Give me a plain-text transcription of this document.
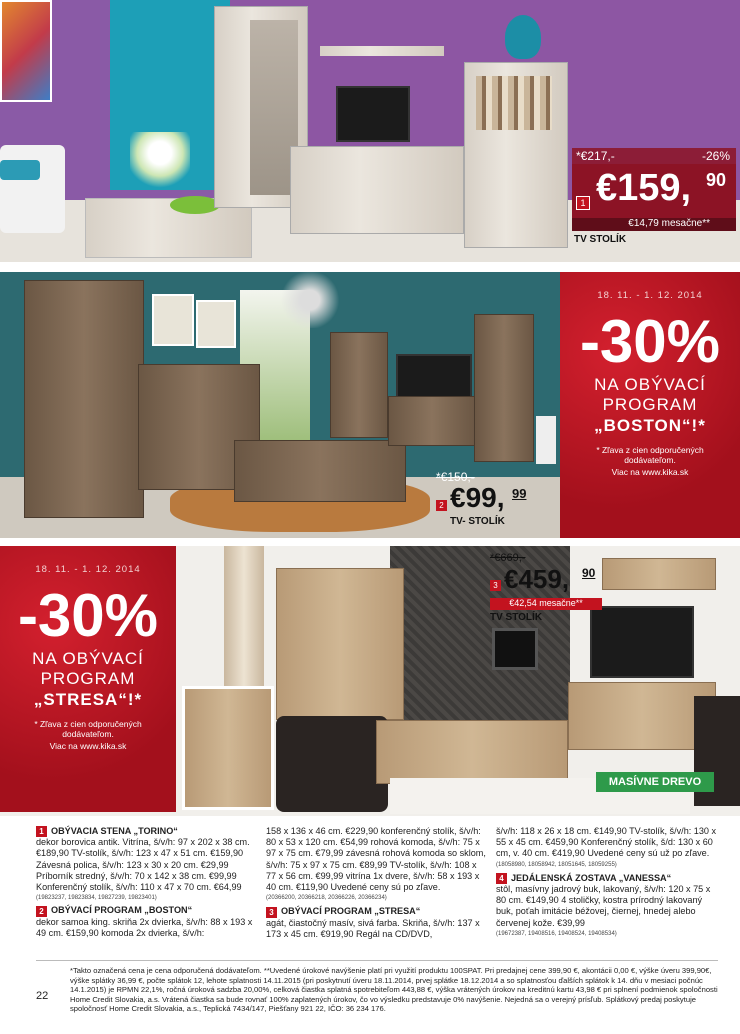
*€217,-	-26%
1 €159, 90
€14,79 mesačne**
TV STOLÍK
*€150,-
2 €99, 99
TV- STOLÍK
18. 11. - 1. 12. 2014
-30%
NA OBÝVACÍ
PROGRAM
„BOSTON“!*
* Zľava z cien odporučených dodávateľom.
Viac na www.kika.sk
*€669,-
3 €459, 90
€42,54 mesačne**
TV STOLÍK
MASÍVNE DREVO
18. 11. - 1. 12. 2014
-30%
NA OBÝVACÍ
PROGRAM
„STRESA“!*
* Zľava z cien odporučených dodávateľom.
Viac na www.kika.sk
1 OBÝVACIA STENA „TORINO“
dekor borovica antik. Vitrína, š/v/h: 97 x 202 x 38 cm. €189,90 TV-stolík, š/v/h: 123 x 47 x 51 cm. €159,90 Závesná polica, š/v/h: 123 x 30 x 20 cm. €29,99 Príborník stredný, š/v/h: 70 x 142 x 38 cm. €99,99 Konferenčný stolík, š/v/h: 110 x 47 x 70 cm. €64,99
(19823237, 19823834, 19827239, 19823401)
2 OBÝVACÍ PROGRAM „BOSTON“
dekor samoa king. skriňa 2x dvierka, š/v/h: 88 x 193 x 49 cm. €159,90 komoda 2x dvierka, š/v/h:
158 x 136 x 46 cm. €229,90 konferenčný stolík, š/v/h: 80 x 53 x 120 cm. €54,99 rohová komoda, š/v/h: 75 x 97 x 75 cm. €79,99 závesná rohová komoda so sklom, š/v/h: 75 x 97 x 75 cm. €89,99 TV-stolík, š/v/h: 108 x 77 x 56 cm. €99,99 vitrína 1x dvere, š/v/h: 58 x 193 x 40 cm. €119,90 Uvedené ceny sú po zľave.
(20366200, 20366218, 20366226, 20366234)
3 OBÝVACÍ PROGRAM „STRESA“
agát, čiastočný masív, sivá farba. Skriňa, š/v/h: 137 x 173 x 45 cm. €919,90 Regál na CD/DVD,
š/v/h: 118 x 26 x 18 cm. €149,90 TV-stolík, š/v/h: 130 x 55 x 45 cm. €459,90 Konferenčný stolík, š/d: 130 x 60 cm, v. 40 cm. €419,90 Uvedené ceny sú už po zľave.
(18058980, 18058942, 18051645, 18059255)
4 JEDÁLENSKÁ ZOSTAVA „VANESSA“
stôl, masívny jadrový buk, lakovaný, š/v/h: 120 x 75 x 80 cm. €149,90 4 stoličky, kostra prírodný lakovaný buk, poťah imitácie béžovej, čiernej, hnedej alebo červenej kože. €39,99
(19672387, 19408516, 19408524, 19408534)
22
*Takto označená cena je cena odporučená dodávateľom. **Uvedené úrokové navýšenie platí pri využití produktu 100SPAT. Pri predajnej cene 399,90 €, akontácii 0,00 €, výške úveru 399,90€, výške splátky 36,99 €, počte splátok 12, lehote splatnosti 14.11.2015 (pri poskytnutí úveru 18.11.2014, prvej splátke 18.12.2014 a so splatnosťou ďalších splátok k 14. dňu v mesiaci počnúc 14.1.2015) je RPMN 22,1%, ročná úroková sadzba 20,00%, celková čiastka splatná spotrebiteľom 443,88 €, výška vrátených úrokov na kreditnú kartu 43,98 € pri splnení podmienok spoločnosti Home Credit Slovakia, a.s. Vrátená čiastka sa bude rovnať 100% zaplatených úrokov, čo vo výsledku predstavuje 0% navýšenie. Nejedná sa o verejný prísľub. Splátkový predaj poskytuje spoločnosť Home Credit Slovakia, a.s., Teplická 7434/147, Piešťany 921 22, IČO: 36 234 176.
